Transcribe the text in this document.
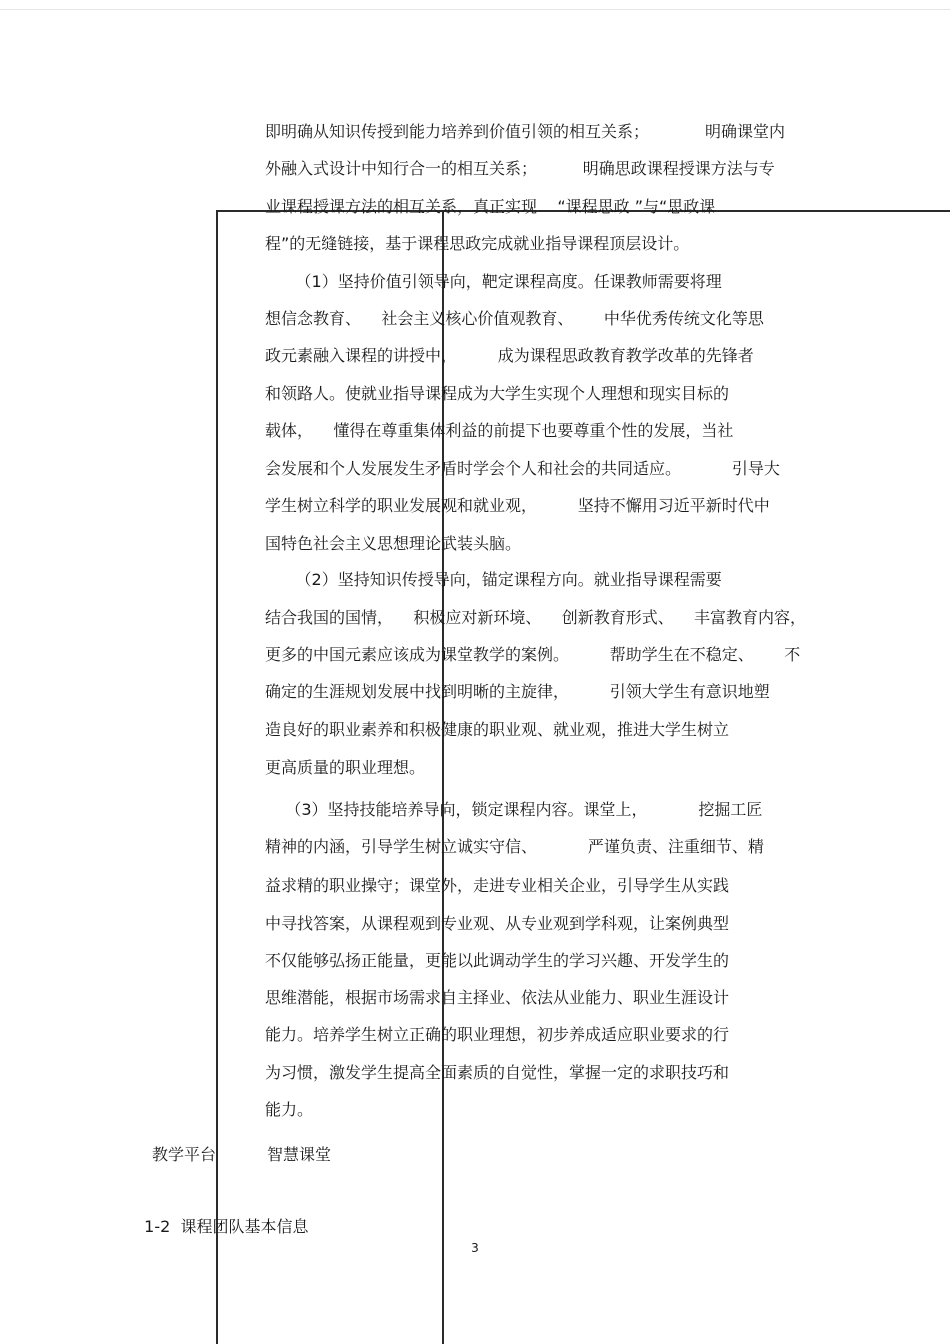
即明确从知识传授到能力培养到价值引领的相互关系；           明确课堂内
外融入式设计中知行合一的相互关系；         明确思政课程授课方法与专
业课程授课方法的相互关系，真正实现    “课程思政 ”与“思政课
程”的无缝链接，基于课程思政完成就业指导课程顶层设计。
（1）坚持价值引领导向，靶定课程高度。任课教师需要将理
想信念教育、    社会主义核心价值观教育、      中华优秀传统文化等思
政元素融入课程的讲授中，        成为课程思政教育教学改革的先锋者
和领路人。使就业指导课程成为大学生实现个人理想和现实目标的
载体，    懂得在尊重集体利益的前提下也要尊重个性的发展，当社
会发展和个人发展发生矛盾时学会个人和社会的共同适应。          引导大
学生树立科学的职业发展观和就业观，        坚持不懈用习近平新时代中
国特色社会主义思想理论武装头脑。
（2）坚持知识传授导向，锚定课程方向。就业指导课程需要
结合我国的国情，    积极应对新环境、    创新教育形式、    丰富教育内容，
更多的中国元素应该成为课堂教学的案例。        帮助学生在不稳定、      不
确定的生涯规划发展中找到明晰的主旋律，        引领大学生有意识地塑
造良好的职业素养和积极健康的职业观、就业观，推进大学生树立
更高质量的职业理想。
（3）坚持技能培养导向，锁定课程内容。课堂上，          挖掘工匠
精神的内涵，引导学生树立诚实守信、          严谨负责、注重细节、精
益求精的职业操守；课堂外，走进专业相关企业，引导学生从实践
中寻找答案，从课程观到专业观、从专业观到学科观，让案例典型
不仅能够弘扬正能量，更能以此调动学生的学习兴趣、开发学生的
思维潜能，根据市场需求自主择业、依法从业能力、职业生涯设计
能力。培养学生树立正确的职业理想，初步养成适应职业要求的行
为习惯，激发学生提高全面素质的自觉性，掌握一定的求职技巧和
能力。
教学平台	智慧课堂

1-2 课程团队基本信息

3
